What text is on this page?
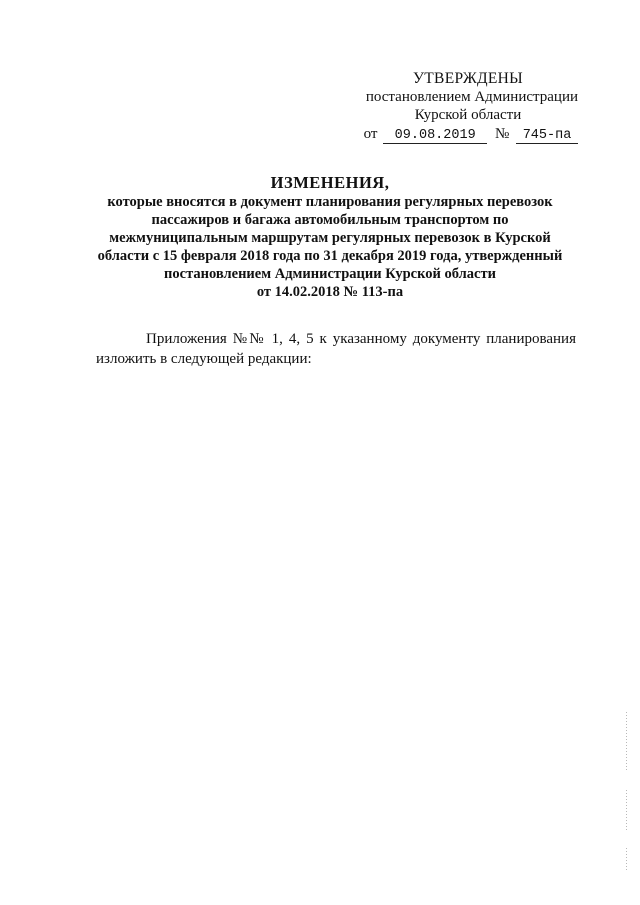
УТВЕРЖДЕНЫ
постановлением Администрации
Курской области
от 09.08.2019 № 745-па
ИЗМЕНЕНИЯ,
которые вносятся в документ планирования регулярных перевозок
пассажиров и багажа автомобильным транспортом по
межмуниципальным маршрутам регулярных перевозок в Курской
области с 15 февраля 2018 года по 31 декабря 2019 года, утвержденный
постановлением Администрации Курской области
от 14.02.2018 № 113-па
Приложения №№ 1, 4, 5 к указанному документу планирования
изложить в следующей редакции:
